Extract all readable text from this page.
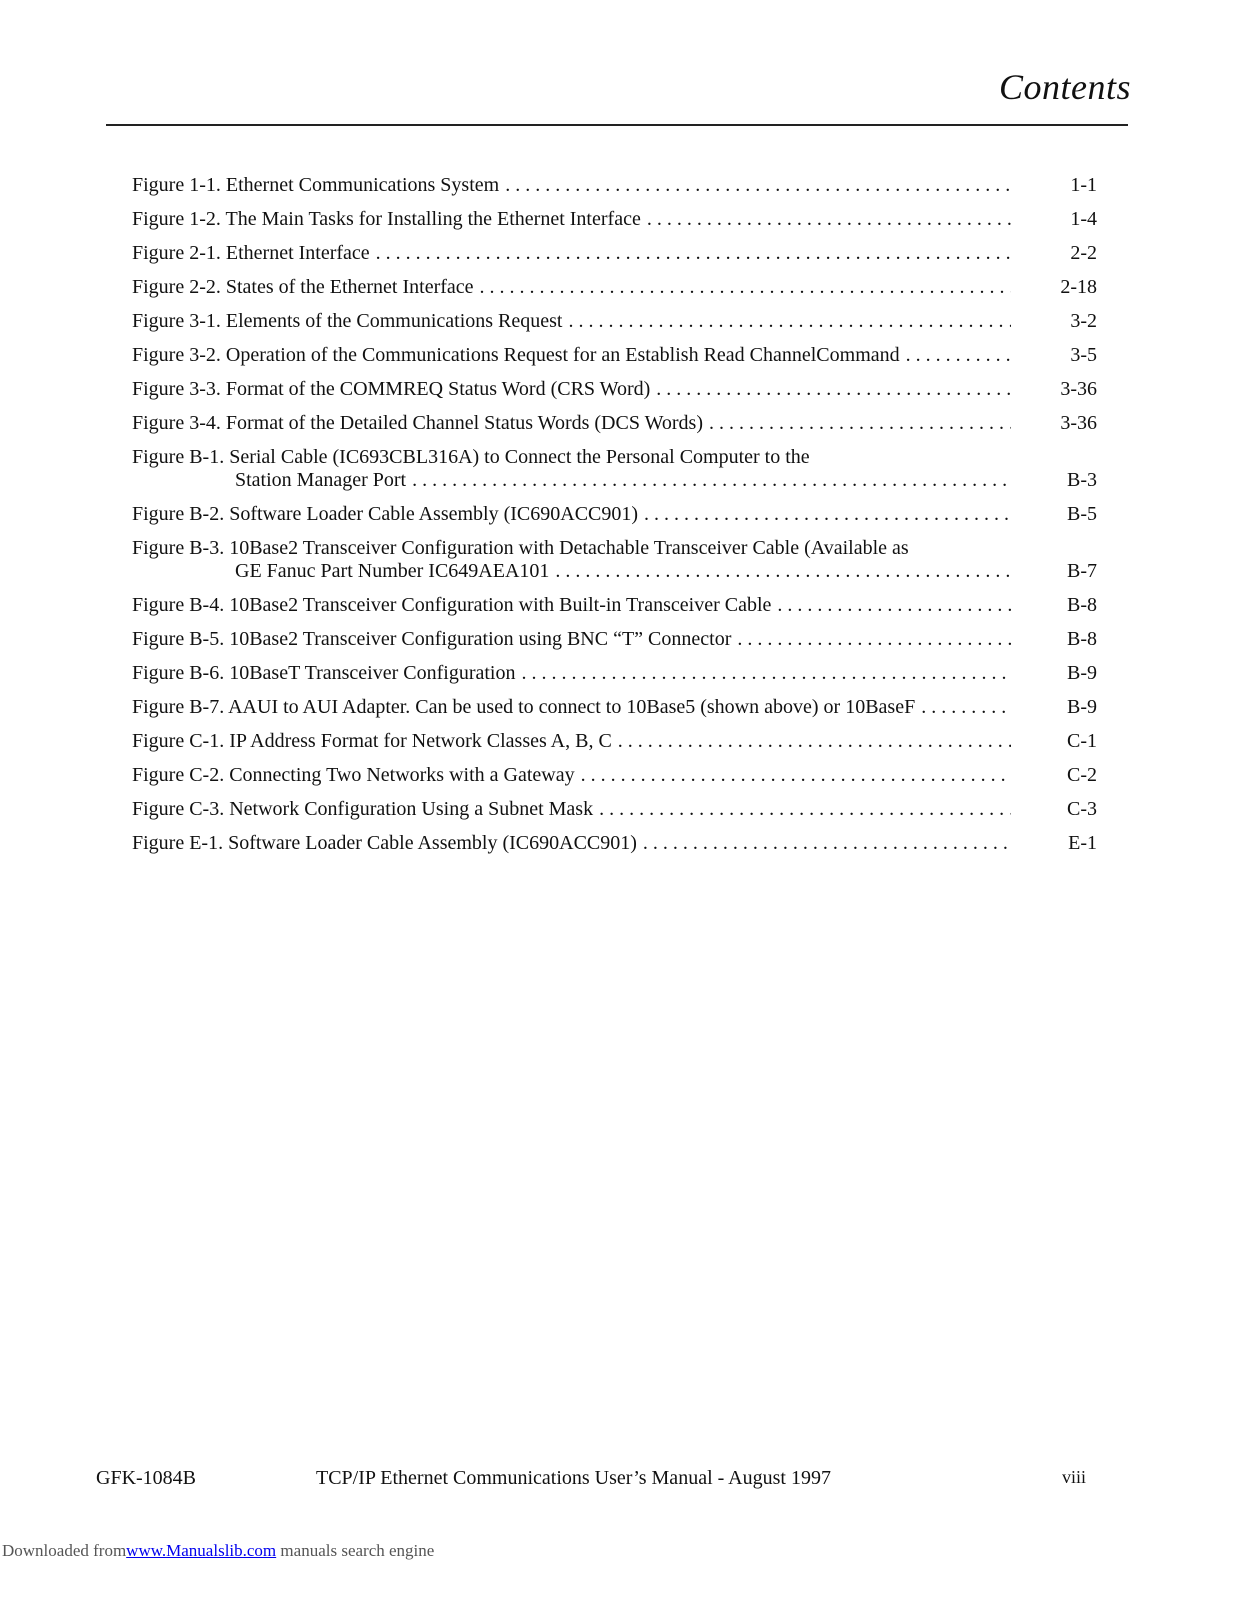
Contents
Figure 1-1. Ethernet Communications System . . .	1-1
Figure 1-2. The Main Tasks for Installing the Ethernet Interface . . .	1-4
Figure 2-1. Ethernet Interface . . .	2-2
Figure 2-2. States of the Ethernet Interface . . .	2-18
Figure 3-1. Elements of the Communications Request . . .	3-2
Figure 3-2. Operation of the Communications Request for an Establish Read ChannelCommand . . .	3-5
Figure 3-3. Format of the COMMREQ Status Word (CRS Word) . . .	3-36
Figure 3-4. Format of the Detailed Channel Status Words (DCS Words) . . .	3-36
Figure B-1. Serial Cable (IC693CBL316A) to Connect the Personal Computer to the
Station Manager Port . . .	B-3
Figure B-2. Software Loader Cable Assembly (IC690ACC901) . . .	B-5
Figure B-3. 10Base2 Transceiver Configuration with Detachable Transceiver Cable (Available as
GE Fanuc Part Number IC649AEA101 . . .	B-7
Figure B-4. 10Base2 Transceiver Configuration with Built-in Transceiver Cable . . .	B-8
Figure B-5. 10Base2 Transceiver Configuration using BNC “T” Connector . . .	B-8
Figure B-6. 10BaseT Transceiver Configuration . . .	B-9
Figure B-7. AAUI to AUI Adapter. Can be used to connect to 10Base5 (shown above) or 10BaseF . . .	B-9
Figure C-1. IP Address Format for Network Classes A, B, C . . .	C-1
Figure C-2. Connecting Two Networks with a Gateway . . .	C-2
Figure C-3. Network Configuration Using a Subnet Mask . . .	C-3
Figure E-1. Software Loader Cable Assembly (IC690ACC901) . . .	E-1
GFK-1084B	TCP/IP Ethernet Communications User’s Manual - August 1997	viii
Downloaded fromwww.Manualslib.com manuals search engine
